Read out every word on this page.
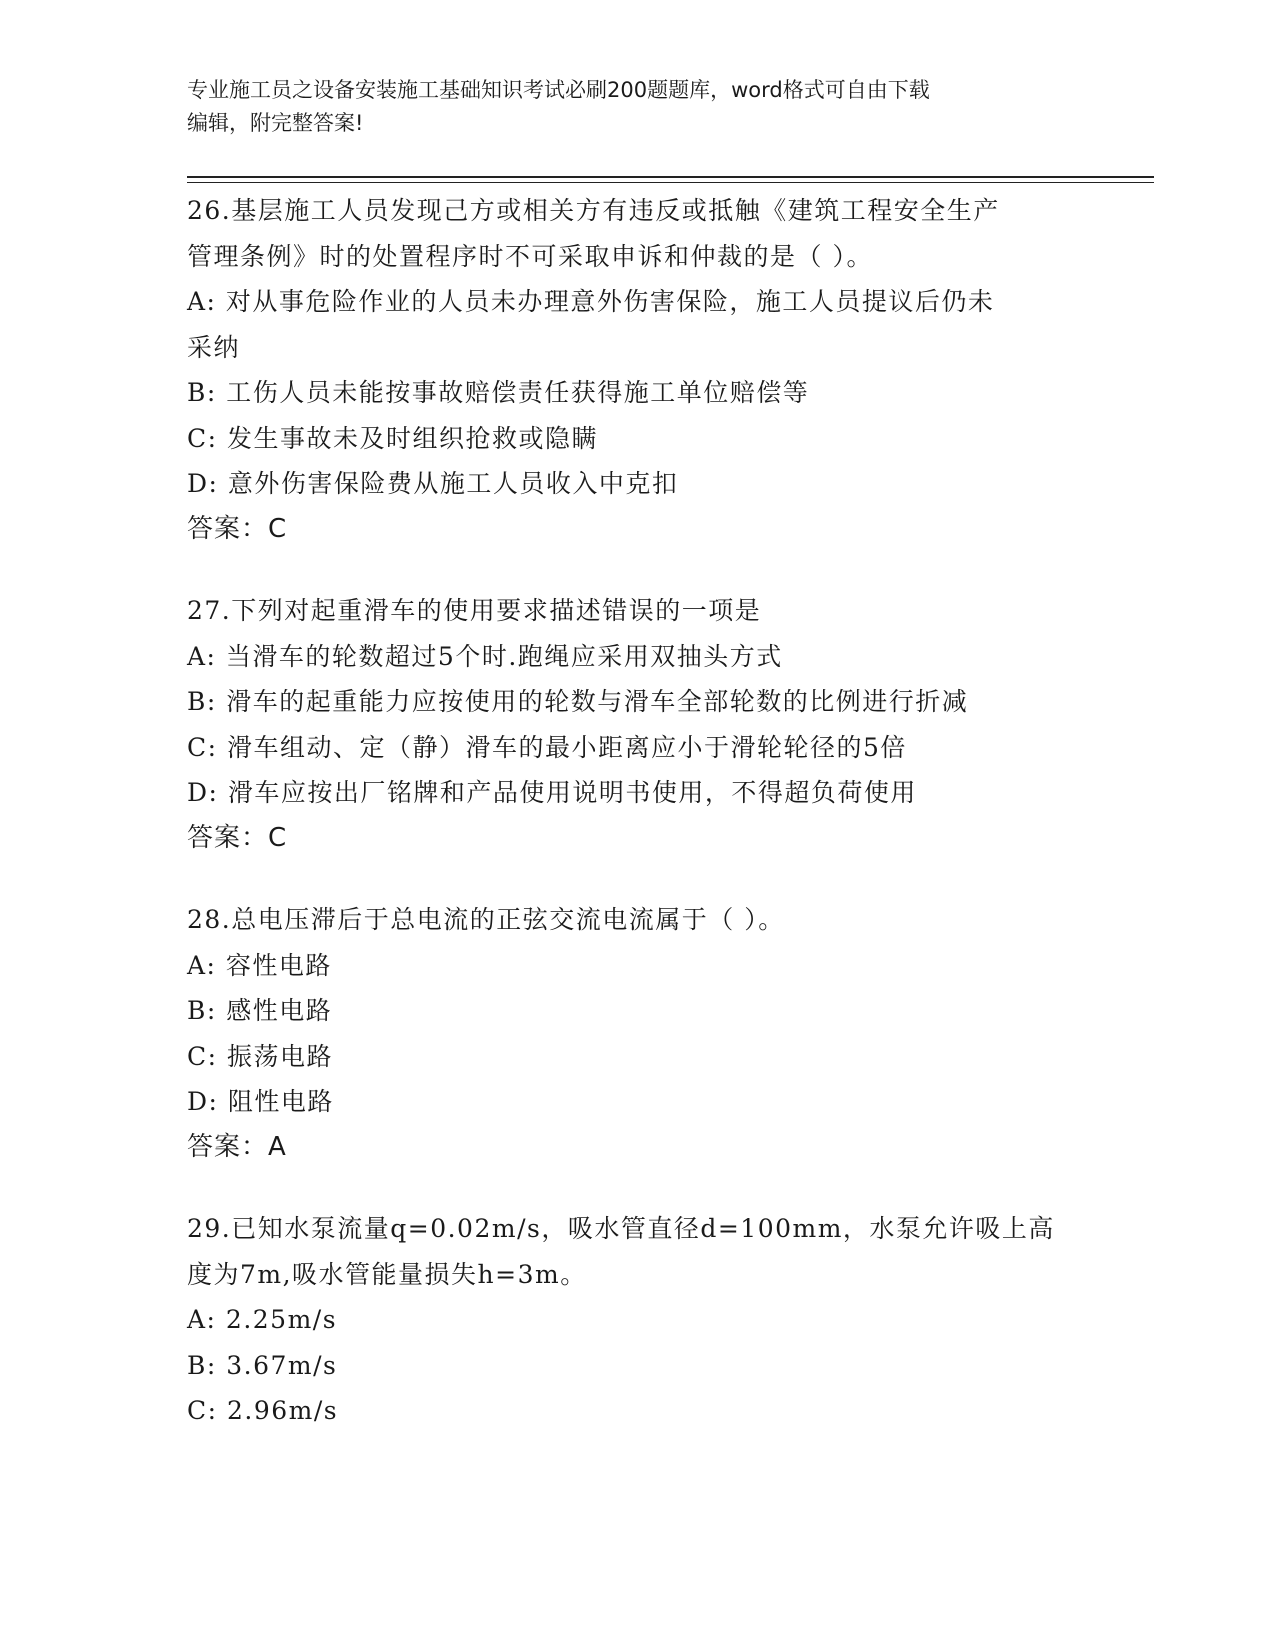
专业施工员之设备安装施工基础知识考试必刷200题题库，word格式可自由下载
编辑，附完整答案!
26.基层施工人员发现己方或相关方有违反或抵触《建筑工程安全生产
管理条例》时的处置程序时不可采取申诉和仲裁的是（ ）。
A: 对从事危险作业的人员未办理意外伤害保险，施工人员提议后仍未
采纳
B: 工伤人员未能按事故赔偿责任获得施工单位赔偿等
C: 发生事故未及时组织抢救或隐瞒
D: 意外伤害保险费从施工人员收入中克扣
答案：C
27.下列对起重滑车的使用要求描述错误的一项是
A: 当滑车的轮数超过5个时.跑绳应采用双抽头方式
B: 滑车的起重能力应按使用的轮数与滑车全部轮数的比例进行折减
C: 滑车组动、定（静）滑车的最小距离应小于滑轮轮径的5倍
D: 滑车应按出厂铭牌和产品使用说明书使用，不得超负荷使用
答案：C
28.总电压滞后于总电流的正弦交流电流属于（ ）。
A: 容性电路
B: 感性电路
C: 振荡电路
D: 阻性电路
答案：A
29.已知水泵流量q=0.02m/s，吸水管直径d=100mm，水泵允许吸上高
度为7m,吸水管能量损失h=3m。
A: 2.25m/s
B: 3.67m/s
C: 2.96m/s
